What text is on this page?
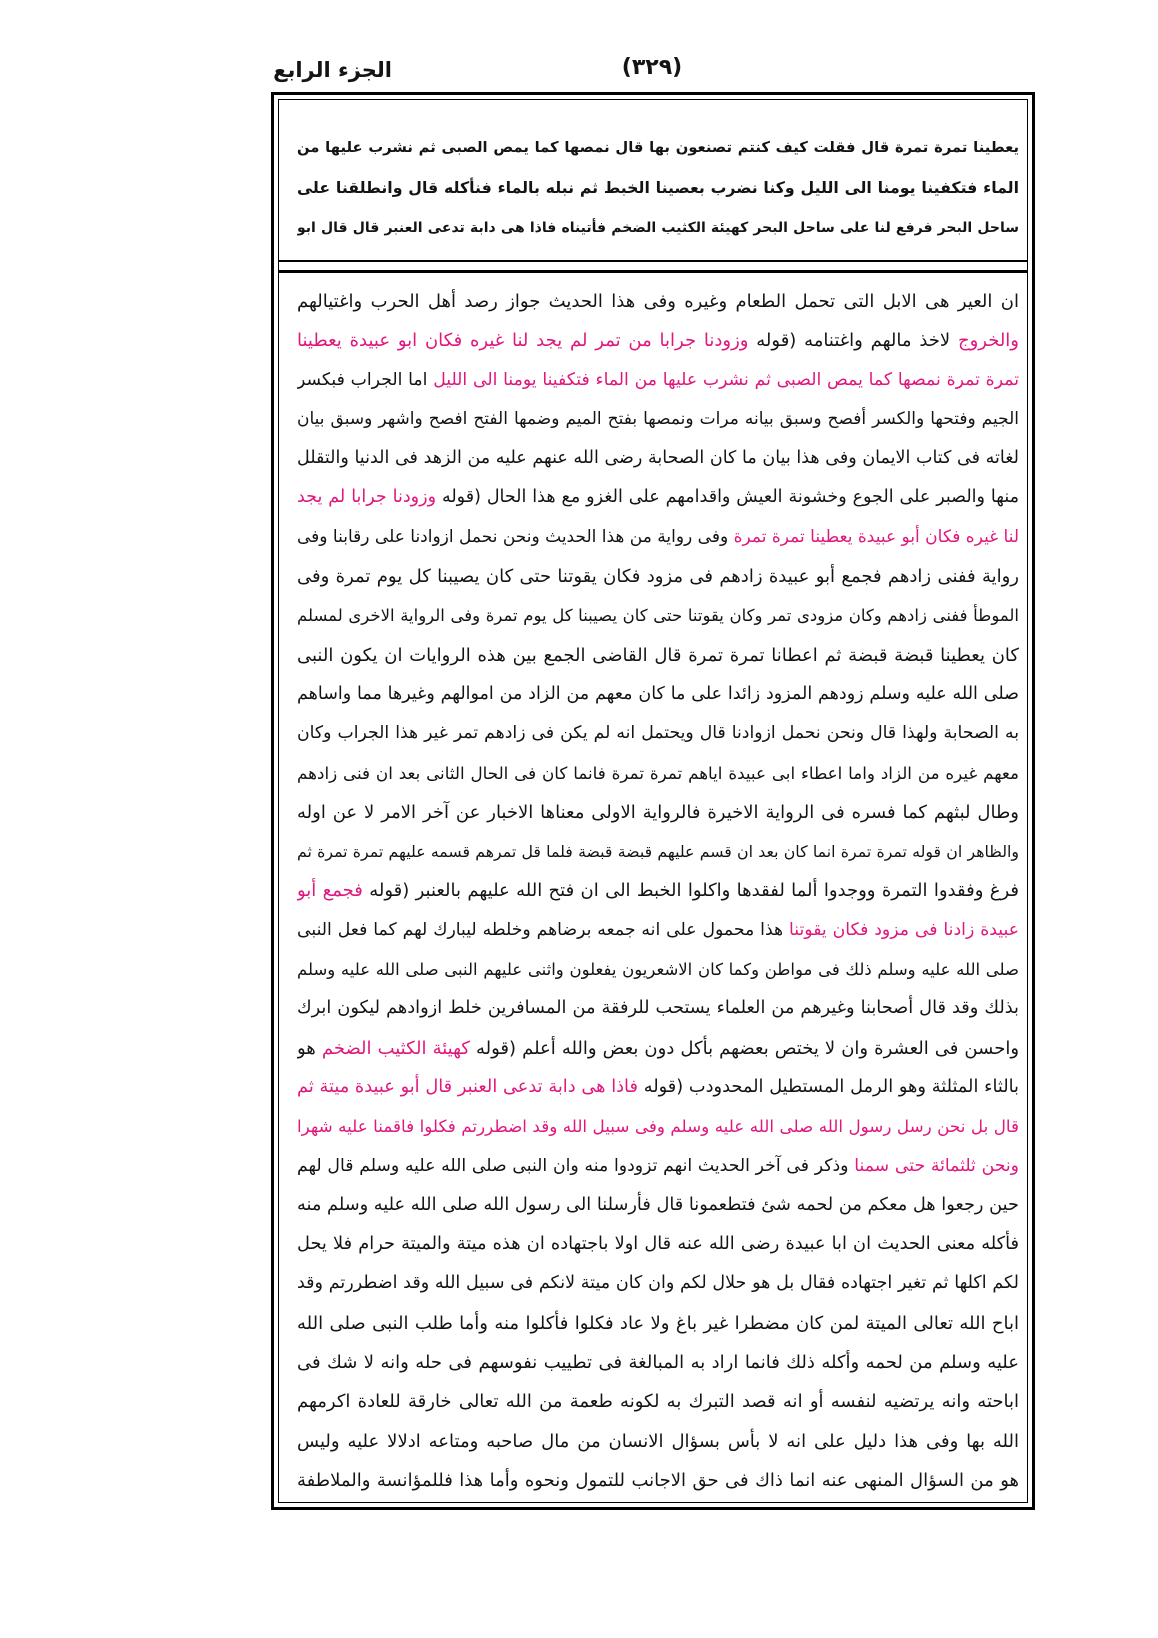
الجزء الرابع	(٣٢٩)
يعطينا تمرة تمرة قال فقلت كيف كنتم تصنعون بها قال نمصها كما يمص الصبى ثم نشرب عليها من
الماء فتكفينا يومنا الى الليل وكنا نضرب بعصينا الخبط ثم نبله بالماء فنأكله قال وانطلقنا على
ساحل البحر فرفع لنا على ساحل البحر كهيئة الكثيب الضخم فأتيناه فاذا هى دابة تدعى العنبر قال قال ابو
ان العير هى الابل التى تحمل الطعام وغيره وفى هذا الحديث جواز رصد أهل الحرب واغتيالهم
والخروج لاخذ مالهم واغتنامه (قوله وزودنا جرابا من تمر لم يجد لنا غيره فكان ابو عبيدة يعطينا
تمرة تمرة نمصها كما يمص الصبى ثم نشرب عليها من الماء فتكفينا يومنا الى الليل اما الجراب فبكسر
الجيم وفتحها والكسر أفصح وسبق بيانه مرات ونمصها بفتح الميم وضمها الفتح افصح واشهر وسبق بيان
لغاته فى كتاب الايمان وفى هذا بيان ما كان الصحابة رضى الله عنهم عليه من الزهد فى الدنيا والتقلل
منها والصبر على الجوع وخشونة العيش واقدامهم على الغزو مع هذا الحال (قوله وزودنا جرابا لم يجد
لنا غيره فكان أبو عبيدة يعطينا تمرة تمرة وفى رواية من هذا الحديث ونحن نحمل ازوادنا على رقابنا وفى
رواية ففنى زادهم فجمع أبو عبيدة زادهم فى مزود فكان يقوتنا حتى كان يصيبنا كل يوم تمرة وفى
الموطأ ففنى زادهم وكان مزودى تمر وكان يقوتنا حتى كان يصيبنا كل يوم تمرة وفى الرواية الاخرى لمسلم
كان يعطينا قبضة قبضة ثم اعطانا تمرة تمرة قال القاضى الجمع بين هذه الروايات ان يكون النبى
صلى الله عليه وسلم زودهم المزود زائدا على ما كان معهم من الزاد من اموالهم وغيرها مما واساهم
به الصحابة ولهذا قال ونحن نحمل ازوادنا قال ويحتمل انه لم يكن فى زادهم تمر غير هذا الجراب وكان
معهم غيره من الزاد واما اعطاء ابى عبيدة اياهم تمرة تمرة فانما كان فى الحال الثانى بعد ان فنى زادهم
وطال لبثهم كما فسره فى الرواية الاخيرة فالرواية الاولى معناها الاخبار عن آخر الامر لا عن اوله
والظاهر ان قوله تمرة تمرة انما كان بعد ان قسم عليهم قبضة قبضة فلما قل تمرهم قسمه عليهم تمرة تمرة ثم
فرغ وفقدوا التمرة ووجدوا ألما لفقدها واكلوا الخبط الى ان فتح الله عليهم بالعنبر (قوله فجمع أبو
عبيدة زادنا فى مزود فكان يقوتنا هذا محمول على انه جمعه برضاهم وخلطه ليبارك لهم كما فعل النبى
صلى الله عليه وسلم ذلك فى مواطن وكما كان الاشعريون يفعلون واثنى عليهم النبى صلى الله عليه وسلم
بذلك وقد قال أصحابنا وغيرهم من العلماء يستحب للرفقة من المسافرين خلط ازوادهم ليكون ابرك
واحسن فى العشرة وان لا يختص بعضهم بأكل دون بعض والله أعلم (قوله كهيئة الكثيب الضخم هو
بالثاء المثلثة وهو الرمل المستطيل المحدودب (قوله فاذا هى دابة تدعى العنبر قال أبو عبيدة ميتة ثم
قال بل نحن رسل رسول الله صلى الله عليه وسلم وفى سبيل الله وقد اضطررتم فكلوا فاقمنا عليه شهرا
ونحن ثلثمائة حتى سمنا وذكر فى آخر الحديث انهم تزودوا منه وان النبى صلى الله عليه وسلم قال لهم
حين رجعوا هل معكم من لحمه شئ فتطعمونا قال فأرسلنا الى رسول الله صلى الله عليه وسلم منه
فأكله معنى الحديث ان ابا عبيدة رضى الله عنه قال اولا باجتهاده ان هذه ميتة والميتة حرام فلا يحل
لكم اكلها ثم تغير اجتهاده فقال بل هو حلال لكم وان كان ميتة لانكم فى سبيل الله وقد اضطررتم وقد
اباح الله تعالى الميتة لمن كان مضطرا غير باغ ولا عاد فكلوا فأكلوا منه وأما طلب النبى صلى الله
عليه وسلم من لحمه وأكله ذلك فانما اراد به المبالغة فى تطييب نفوسهم فى حله وانه لا شك فى
اباحته وانه يرتضيه لنفسه أو انه قصد التبرك به لكونه طعمة من الله تعالى خارقة للعادة اكرمهم
الله بها وفى هذا دليل على انه لا بأس بسؤال الانسان من مال صاحبه ومتاعه ادلالا عليه وليس
هو من السؤال المنهى عنه انما ذاك فى حق الاجانب للتمول ونحوه وأما هذا فللمؤانسة والملاطفة
